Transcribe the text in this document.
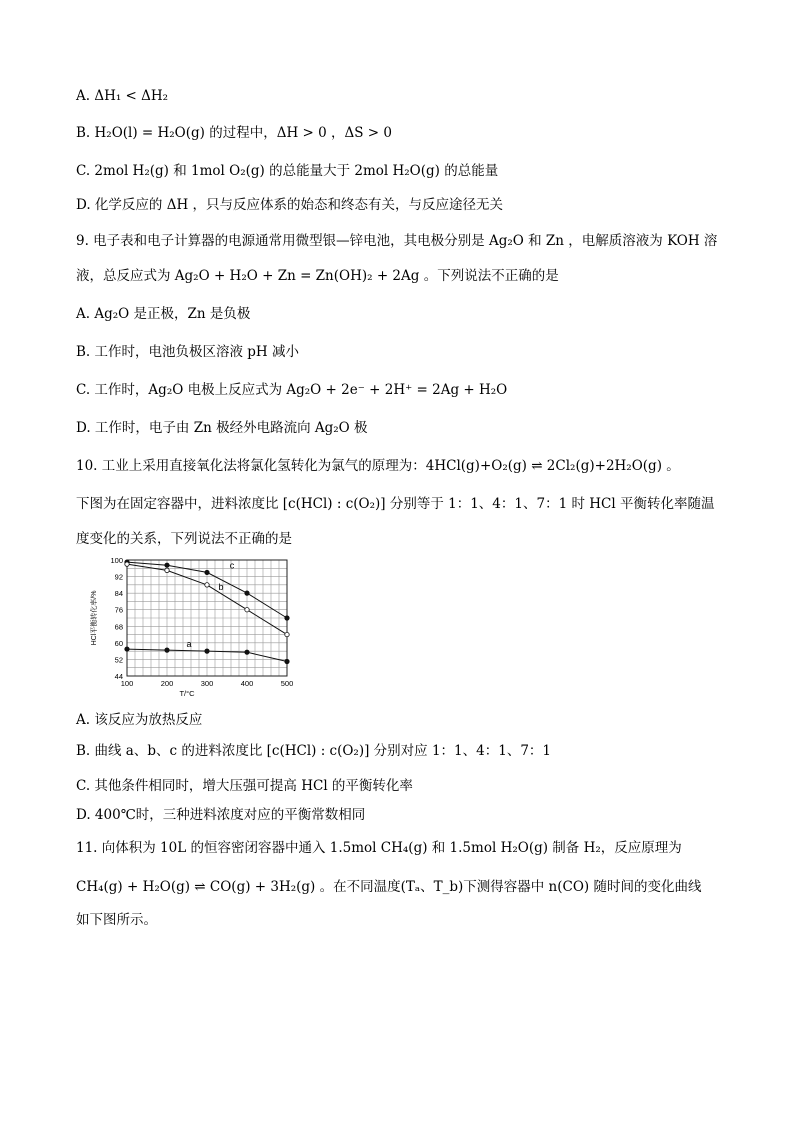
A. ΔH₁ < ΔH₂
B. H₂O(l) = H₂O(g) 的过程中，ΔH > 0 ，ΔS > 0
C. 2mol H₂(g) 和 1mol O₂(g) 的总能量大于 2mol H₂O(g) 的总能量
D. 化学反应的 ΔH ，只与反应体系的始态和终态有关，与反应途径无关
9. 电子表和电子计算器的电源通常用微型银—锌电池，其电极分别是 Ag₂O 和 Zn ，电解质溶液为 KOH 溶
液，总反应式为 Ag₂O + H₂O + Zn = Zn(OH)₂ + 2Ag 。下列说法不正确的是
A. Ag₂O 是正极，Zn 是负极
B. 工作时，电池负极区溶液 pH 减小
C. 工作时，Ag₂O 电极上反应式为 Ag₂O + 2e⁻ + 2H⁺ = 2Ag + H₂O
D. 工作时，电子由 Zn 极经外电路流向 Ag₂O 极
10. 工业上采用直接氧化法将氯化氢转化为氯气的原理为：4HCl(g)+O₂(g) ⇌ 2Cl₂(g)+2H₂O(g) 。
下图为在固定容器中，进料浓度比 [c(HCl) : c(O₂)] 分别等于 1：1、4：1、7：1 时 HCl 平衡转化率随温
度变化的关系，下列说法不正确的是
A. 该反应为放热反应
B. 曲线 a、b、c 的进料浓度比 [c(HCl) : c(O₂)] 分别对应 1：1、4：1、7：1
C. 其他条件相同时，增大压强可提高 HCl 的平衡转化率
D. 400℃时，三种进料浓度对应的平衡常数相同
11. 向体积为 10L 的恒容密闭容器中通入 1.5mol CH₄(g) 和 1.5mol H₂O(g) 制备 H₂，反应原理为
CH₄(g) + H₂O(g) ⇌ CO(g) + 3H₂(g) 。在不同温度(Tₐ、T_b)下测得容器中 n(CO) 随时间的变化曲线
如下图所示。
44
52
60
68
76
84
92
100
100	200	300	400	500
T/°C
HCl平衡转化率/%
c
b
a
